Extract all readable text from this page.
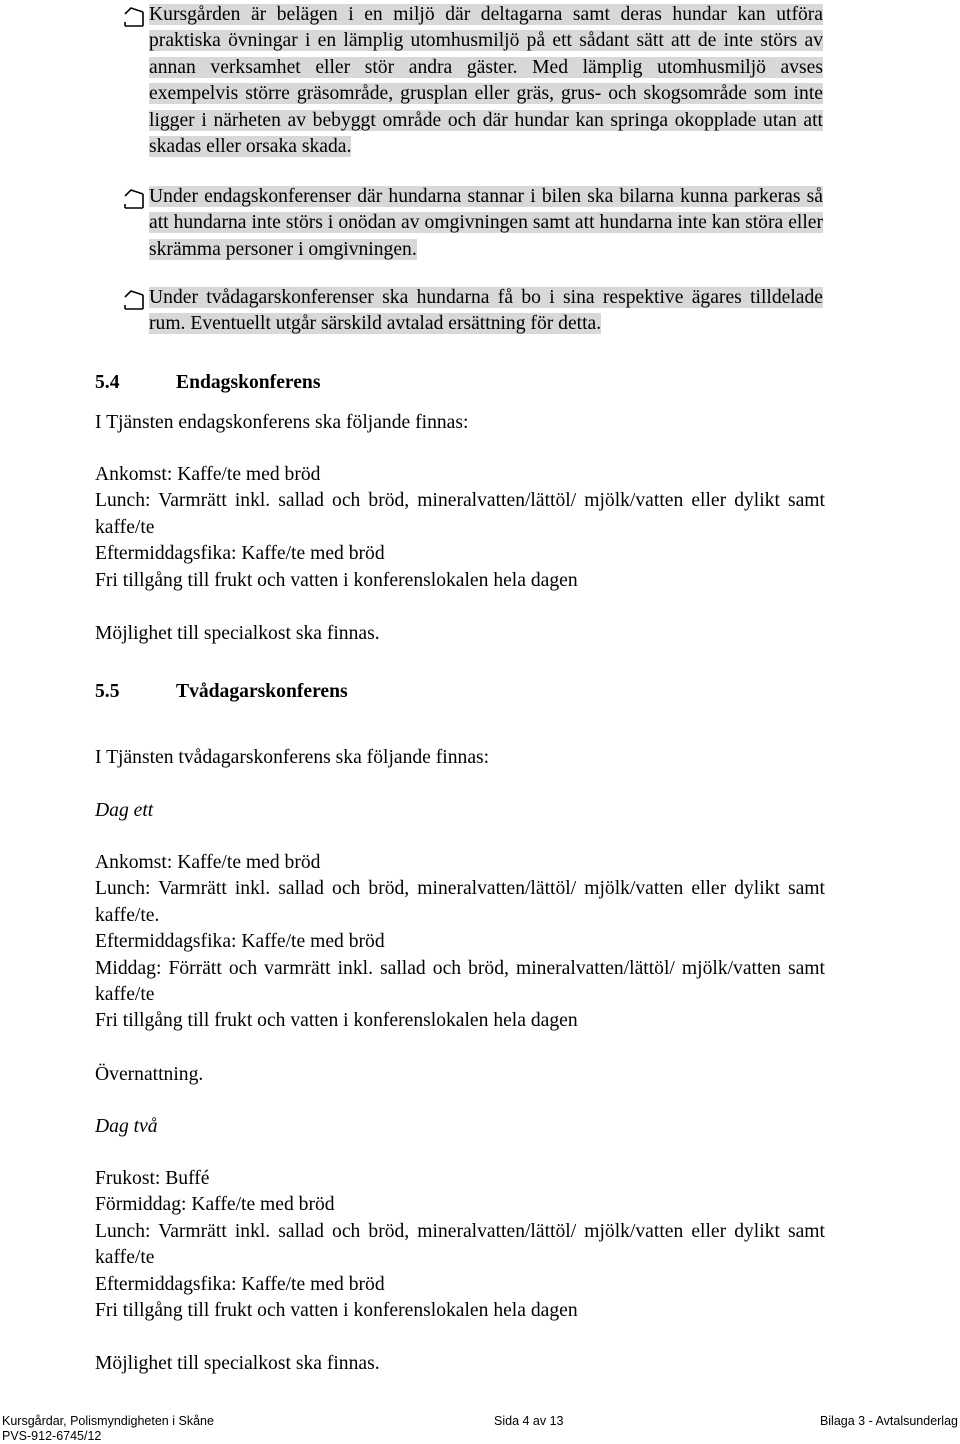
Kursgården är belägen i en miljö där deltagarna samt deras hundar kan utföra praktiska övningar i en lämplig utomhusmiljö på ett sådant sätt att de inte störs av annan verksamhet eller stör andra gäster. Med lämplig utomhusmiljö avses exempelvis större gräsområde, grusplan eller gräs, grus- och skogsområde som inte ligger i närheten av bebyggt område och där hundar kan springa okopplade utan att skadas eller orsaka skada.

Under endagskonferenser där hundarna stannar i bilen ska bilarna kunna parkeras så att hundarna inte störs i onödan av omgivningen samt att hundarna inte kan störa eller skrämma personer i omgivningen.

Under tvådagarskonferenser ska hundarna få bo i sina respektive ägares tilldelade rum. Eventuellt utgår särskild avtalad ersättning för detta.

5.4	Endagskonferens

I Tjänsten endagskonferens ska följande finnas:

Ankomst: Kaffe/te med bröd
Lunch: Varmrätt inkl. sallad och bröd, mineralvatten/lättöl/ mjölk/vatten eller dylikt samt kaffe/te
Eftermiddagsfika: Kaffe/te med bröd
Fri tillgång till frukt och vatten i konferenslokalen hela dagen

Möjlighet till specialkost ska finnas.

5.5	Tvådagarskonferens

I Tjänsten tvådagarskonferens ska följande finnas:

Dag ett

Ankomst: Kaffe/te med bröd
Lunch: Varmrätt inkl. sallad och bröd, mineralvatten/lättöl/ mjölk/vatten eller dylikt samt kaffe/te.
Eftermiddagsfika: Kaffe/te med bröd
Middag: Förrätt och varmrätt inkl. sallad och bröd, mineralvatten/lättöl/ mjölk/vatten samt kaffe/te
Fri tillgång till frukt och vatten i konferenslokalen hela dagen

Övernattning.

Dag två

Frukost: Buffé
Förmiddag: Kaffe/te med bröd
Lunch: Varmrätt inkl. sallad och bröd, mineralvatten/lättöl/ mjölk/vatten eller dylikt samt kaffe/te
Eftermiddagsfika: Kaffe/te med bröd
Fri tillgång till frukt och vatten i konferenslokalen hela dagen

Möjlighet till specialkost ska finnas.

Kursgårdar, Polismyndigheten i Skåne
PVS-912-6745/12
Sida 4 av 13	Bilaga 3 - Avtalsunderlag
